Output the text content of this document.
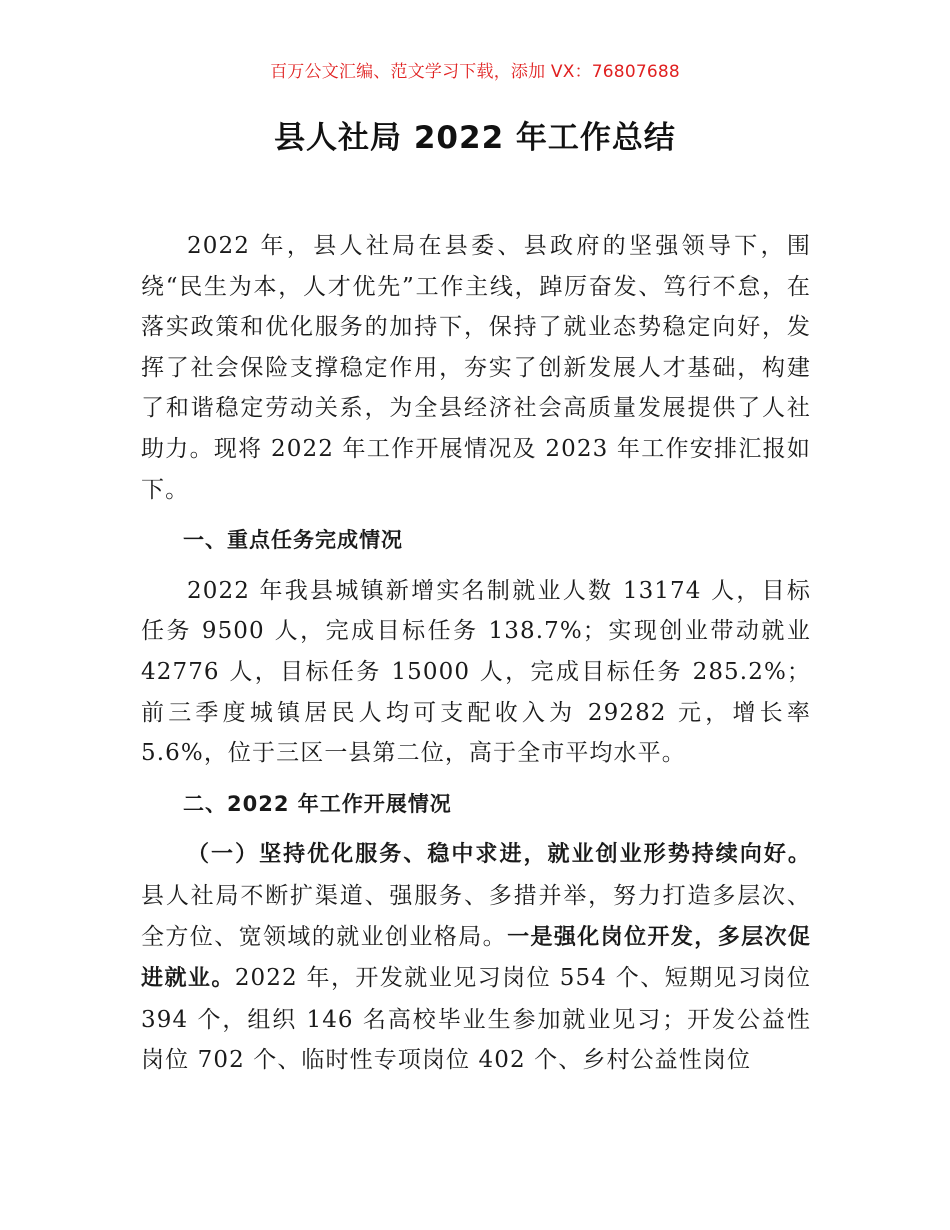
百万公文汇编、范文学习下载，添加 VX：76807688
县人社局 2022 年工作总结

2022 年，县人社局在县委、县政府的坚强领导下，围绕“民生为本，人才优先”工作主线，踔厉奋发、笃行不怠，在落实政策和优化服务的加持下，保持了就业态势稳定向好，发挥了社会保险支撑稳定作用，夯实了创新发展人才基础，构建了和谐稳定劳动关系，为全县经济社会高质量发展提供了人社助力。现将 2022 年工作开展情况及 2023 年工作安排汇报如下。

一、重点任务完成情况

2022 年我县城镇新增实名制就业人数 13174 人，目标任务 9500 人，完成目标任务 138.7%；实现创业带动就业 42776 人，目标任务 15000 人，完成目标任务 285.2%；前三季度城镇居民人均可支配收入为 29282 元，增长率 5.6%，位于三区一县第二位，高于全市平均水平。

二、2022 年工作开展情况

（一）坚持优化服务、稳中求进，就业创业形势持续向好。县人社局不断扩渠道、强服务、多措并举，努力打造多层次、全方位、宽领域的就业创业格局。一是强化岗位开发，多层次促进就业。2022 年，开发就业见习岗位 554 个、短期见习岗位 394 个，组织 146 名高校毕业生参加就业见习；开发公益性岗位 702 个、临时性专项岗位 402 个、乡村公益性岗位
